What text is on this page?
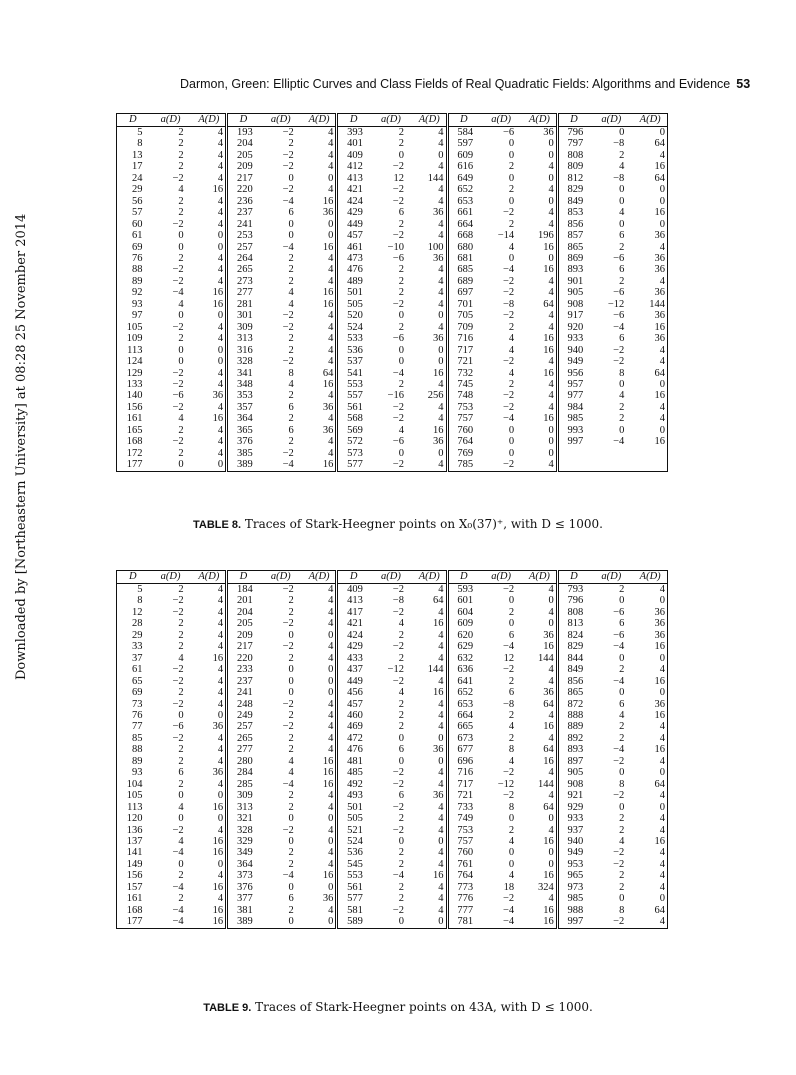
Downloaded by [Northeastern University] at 08:28 25 November 2014
Darmon, Green: Elliptic Curves and Class Fields of Real Quadratic Fields: Algorithms and Evidence 53
D	a(D)	A(D)	D	a(D)	A(D)	D	a(D)	A(D)	D	a(D)	A(D)	D	a(D)	A(D)
5	2	4	193	−2	4	393	2	4	584	−6	36	796	0	0
8	2	4	204	2	4	401	2	4	597	0	0	797	−8	64
13	2	4	205	−2	4	409	0	0	609	0	0	808	2	4
17	2	4	209	−2	4	412	−2	4	616	2	4	809	4	16
24	−2	4	217	0	0	413	12	144	649	0	0	812	−8	64
29	4	16	220	−2	4	421	−2	4	652	2	4	829	0	0
56	2	4	236	−4	16	424	−2	4	653	0	0	849	0	0
57	2	4	237	6	36	429	6	36	661	−2	4	853	4	16
60	−2	4	241	0	0	449	2	4	664	2	4	856	0	0
61	0	0	253	0	0	457	−2	4	668	−14	196	857	6	36
69	0	0	257	−4	16	461	−10	100	680	4	16	865	2	4
76	2	4	264	2	4	473	−6	36	681	0	0	869	−6	36
88	−2	4	265	2	4	476	2	4	685	−4	16	893	6	36
89	−2	4	273	2	4	489	2	4	689	−2	4	901	2	4
92	−4	16	277	4	16	501	2	4	697	−2	4	905	−6	36
93	4	16	281	4	16	505	−2	4	701	−8	64	908	−12	144
97	0	0	301	−2	4	520	0	0	705	−2	4	917	−6	36
105	−2	4	309	−2	4	524	2	4	709	2	4	920	−4	16
109	2	4	313	2	4	533	−6	36	716	4	16	933	6	36
113	0	0	316	2	4	536	0	0	717	4	16	940	−2	4
124	0	0	328	−2	4	537	0	0	721	−2	4	949	−2	4
129	−2	4	341	8	64	541	−4	16	732	4	16	956	8	64
133	−2	4	348	4	16	553	2	4	745	2	4	957	0	0
140	−6	36	353	2	4	557	−16	256	748	−2	4	977	4	16
156	−2	4	357	6	36	561	−2	4	753	−2	4	984	2	4
161	4	16	364	2	4	568	−2	4	757	−4	16	985	2	4
165	2	4	365	6	36	569	4	16	760	0	0	993	0	0
168	−2	4	376	2	4	572	−6	36	764	0	0	997	−4	16
172	2	4	385	−2	4	573	0	0	769	0	0			
177	0	0	389	−4	16	577	−2	4	785	−2	4			
TABLE 8. Traces of Stark-Heegner points on X₀(37)⁺, with D ≤ 1000.
D	a(D)	A(D)	D	a(D)	A(D)	D	a(D)	A(D)	D	a(D)	A(D)	D	a(D)	A(D)
5	2	4	184	−2	4	409	−2	4	593	−2	4	793	2	4
8	−2	4	201	2	4	413	−8	64	601	0	0	796	0	0
12	−2	4	204	2	4	417	−2	4	604	2	4	808	−6	36
28	2	4	205	−2	4	421	4	16	609	0	0	813	6	36
29	2	4	209	0	0	424	2	4	620	6	36	824	−6	36
33	2	4	217	−2	4	429	−2	4	629	−4	16	829	−4	16
37	4	16	220	2	4	433	2	4	632	12	144	844	0	0
61	−2	4	233	0	0	437	−12	144	636	−2	4	849	2	4
65	−2	4	237	0	0	449	−2	4	641	2	4	856	−4	16
69	2	4	241	0	0	456	4	16	652	6	36	865	0	0
73	−2	4	248	−2	4	457	2	4	653	−8	64	872	6	36
76	0	0	249	2	4	460	2	4	664	2	4	888	4	16
77	−6	36	257	−2	4	469	2	4	665	4	16	889	2	4
85	−2	4	265	2	4	472	0	0	673	2	4	892	2	4
88	2	4	277	2	4	476	6	36	677	8	64	893	−4	16
89	2	4	280	4	16	481	0	0	696	4	16	897	−2	4
93	6	36	284	4	16	485	−2	4	716	−2	4	905	0	0
104	2	4	285	−4	16	492	−2	4	717	−12	144	908	8	64
105	0	0	309	2	4	493	6	36	721	−2	4	921	−2	4
113	4	16	313	2	4	501	−2	4	733	8	64	929	0	0
120	0	0	321	0	0	505	2	4	749	0	0	933	2	4
136	−2	4	328	−2	4	521	−2	4	753	2	4	937	2	4
137	4	16	329	0	0	524	0	0	757	4	16	940	4	16
141	−4	16	349	2	4	536	2	4	760	0	0	949	−2	4
149	0	0	364	2	4	545	2	4	761	0	0	953	−2	4
156	2	4	373	−4	16	553	−4	16	764	4	16	965	2	4
157	−4	16	376	0	0	561	2	4	773	18	324	973	2	4
161	2	4	377	6	36	577	2	4	776	−2	4	985	0	0
168	−4	16	381	2	4	581	−2	4	777	−4	16	988	8	64
177	−4	16	389	0	0	589	0	0	781	−4	16	997	−2	4
TABLE 9. Traces of Stark-Heegner points on 43A, with D ≤ 1000.
